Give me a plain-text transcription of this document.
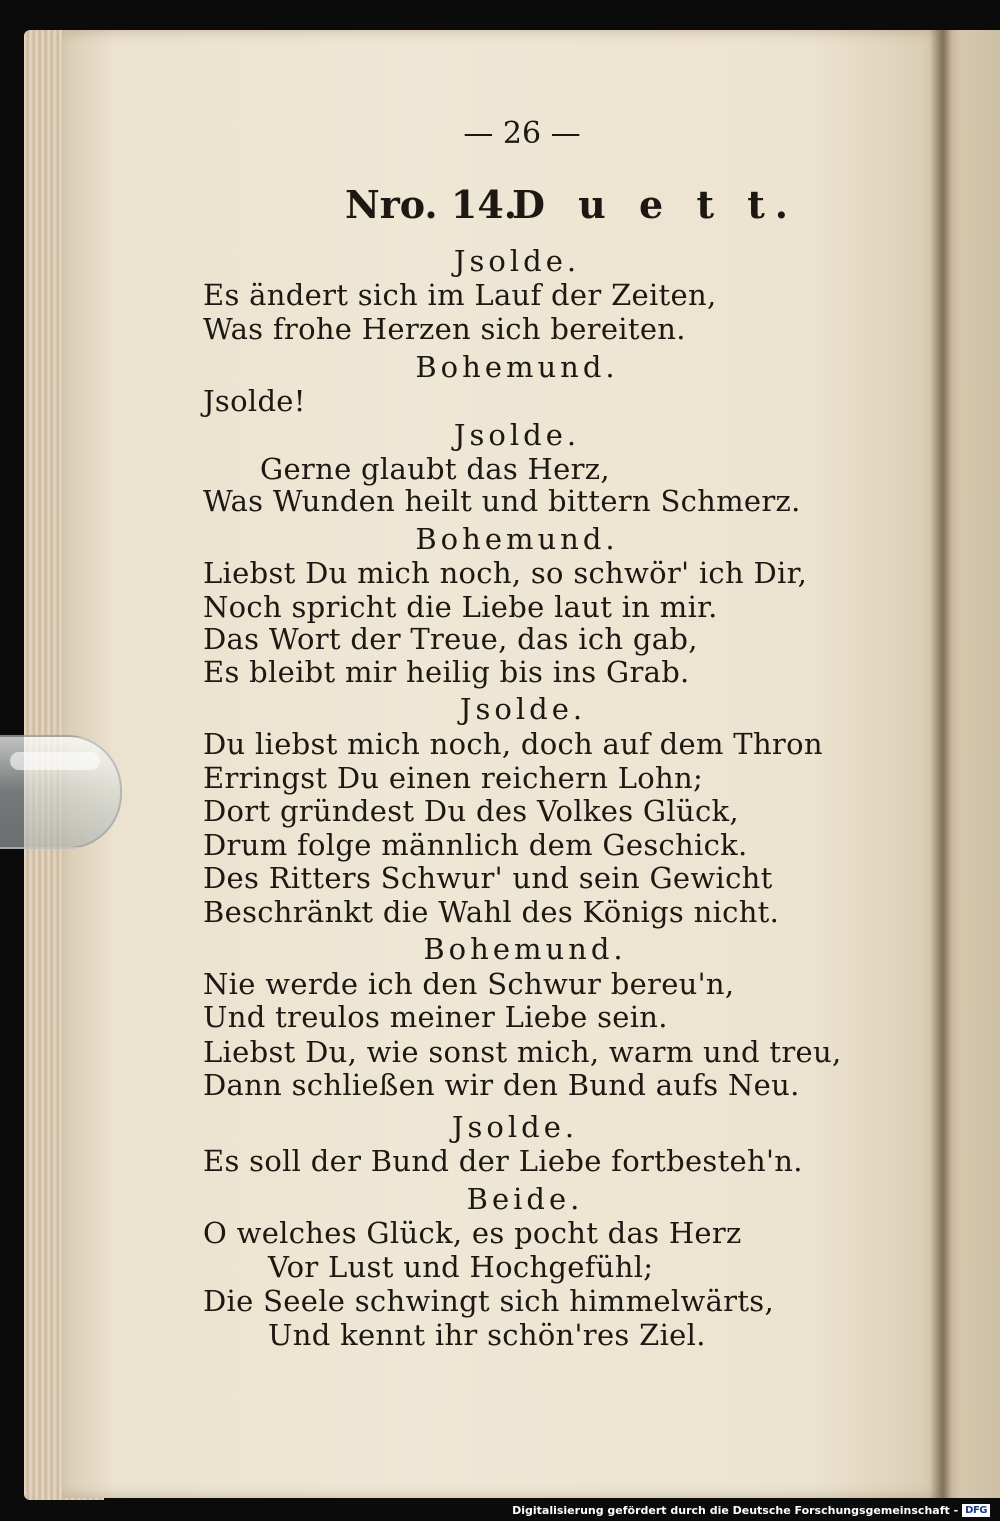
— 26 —
Nro. 14.
D u e t t.
Jsolde.
Es ändert sich im Lauf der Zeiten,
Was frohe Herzen sich bereiten.
Bohemund.
Jsolde!
Jsolde.
Gerne glaubt das Herz,
Was Wunden heilt und bittern Schmerz.
Bohemund.
Liebst Du mich noch, so schwör' ich Dir,
Noch spricht die Liebe laut in mir.
Das Wort der Treue, das ich gab,
Es bleibt mir heilig bis ins Grab.
Jsolde.
Du liebst mich noch, doch auf dem Thron
Erringst Du einen reichern Lohn;
Dort gründest Du des Volkes Glück,
Drum folge männlich dem Geschick.
Des Ritters Schwur' und sein Gewicht
Beschränkt die Wahl des Königs nicht.
Bohemund.
Nie werde ich den Schwur bereu'n,
Und treulos meiner Liebe sein.
Liebst Du, wie sonst mich, warm und treu,
Dann schließen wir den Bund aufs Neu.
Jsolde.
Es soll der Bund der Liebe fortbesteh'n.
Beide.
O welches Glück, es pocht das Herz
Vor Lust und Hochgefühl;
Die Seele schwingt sich himmelwärts,
Und kennt ihr schön'res Ziel.
Digitalisierung gefördert durch die Deutsche Forschungsgemeinschaft - DFG
